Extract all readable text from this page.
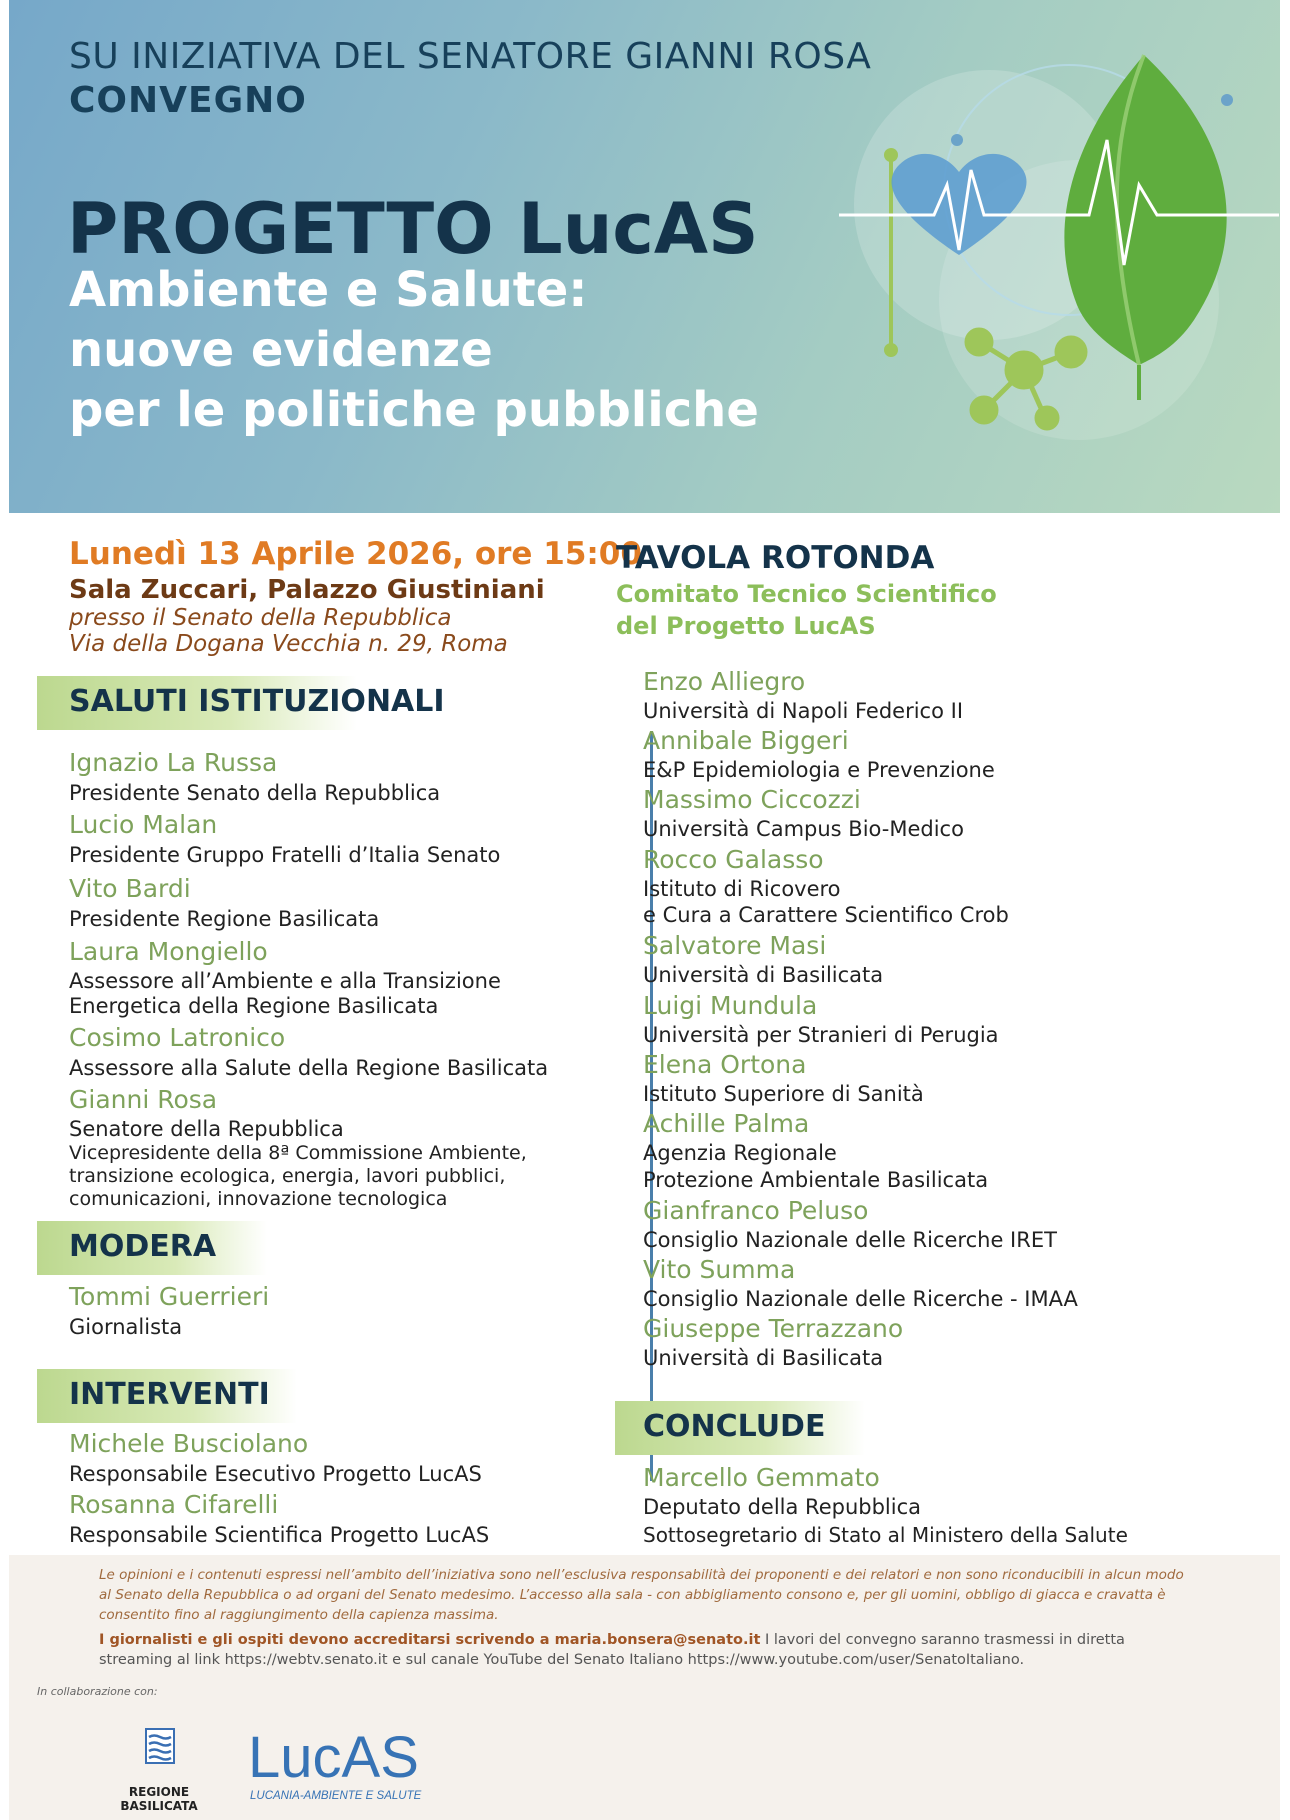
SU INIZIATIVA DEL SENATORE GIANNI ROSA
CONVEGNO
PROGETTO LucAS
Ambiente e Salute:
nuove evidenze
per le politiche pubbliche
Lunedì 13 Aprile 2026, ore 15:00
Sala Zuccari, Palazzo Giustiniani
presso il Senato della Repubblica
Via della Dogana Vecchia n. 29, Roma
SALUTI ISTITUZIONALI
Ignazio La Russa
Presidente Senato della Repubblica
Lucio Malan
Presidente Gruppo Fratelli d’Italia Senato
Vito Bardi
Presidente Regione Basilicata
Laura Mongiello
Assessore all’Ambiente e alla Transizione
Energetica della Regione Basilicata
Cosimo Latronico
Assessore alla Salute della Regione Basilicata
Gianni Rosa
Senatore della Repubblica
Vicepresidente della 8ª Commissione Ambiente,
transizione ecologica, energia, lavori pubblici,
comunicazioni, innovazione tecnologica
MODERA
Tommi Guerrieri
Giornalista
INTERVENTI
Michele Busciolano
Responsabile Esecutivo Progetto LucAS
Rosanna Cifarelli
Responsabile Scientifica Progetto LucAS
TAVOLA ROTONDA
Comitato Tecnico Scientifico
del Progetto LucAS
Enzo Alliegro
Università di Napoli Federico II
Annibale Biggeri
E&P Epidemiologia e Prevenzione
Massimo Ciccozzi
Università Campus Bio-Medico
Rocco Galasso
Istituto di Ricovero
e Cura a Carattere Scientifico Crob
Salvatore Masi
Università di Basilicata
Luigi Mundula
Università per Stranieri di Perugia
Elena Ortona
Istituto Superiore di Sanità
Achille Palma
Agenzia Regionale
Protezione Ambientale Basilicata
Gianfranco Peluso
Consiglio Nazionale delle Ricerche IRET
Vito Summa
Consiglio Nazionale delle Ricerche - IMAA
Giuseppe Terrazzano
Università di Basilicata
CONCLUDE
Marcello Gemmato
Deputato della Repubblica
Sottosegretario di Stato al Ministero della Salute
Le opinioni e i contenuti espressi nell’ambito dell’iniziativa sono nell’esclusiva responsabilità dei proponenti e dei relatori e non sono riconducibili in alcun modo al Senato della Repubblica o ad organi del Senato medesimo. L’accesso alla sala - con abbigliamento consono e, per gli uomini, obbligo di giacca e cravatta è consentito fino al raggiungimento della capienza massima.
I giornalisti e gli ospiti devono accreditarsi scrivendo a maria.bonsera@senato.it I lavori del convegno saranno trasmessi in diretta streaming al link https://webtv.senato.it e sul canale YouTube del Senato Italiano https://www.youtube.com/user/SenatoItaliano.
In collaborazione con:
REGIONE BASILICATA
LucAS
LUCANIA-AMBIENTE E SALUTE
